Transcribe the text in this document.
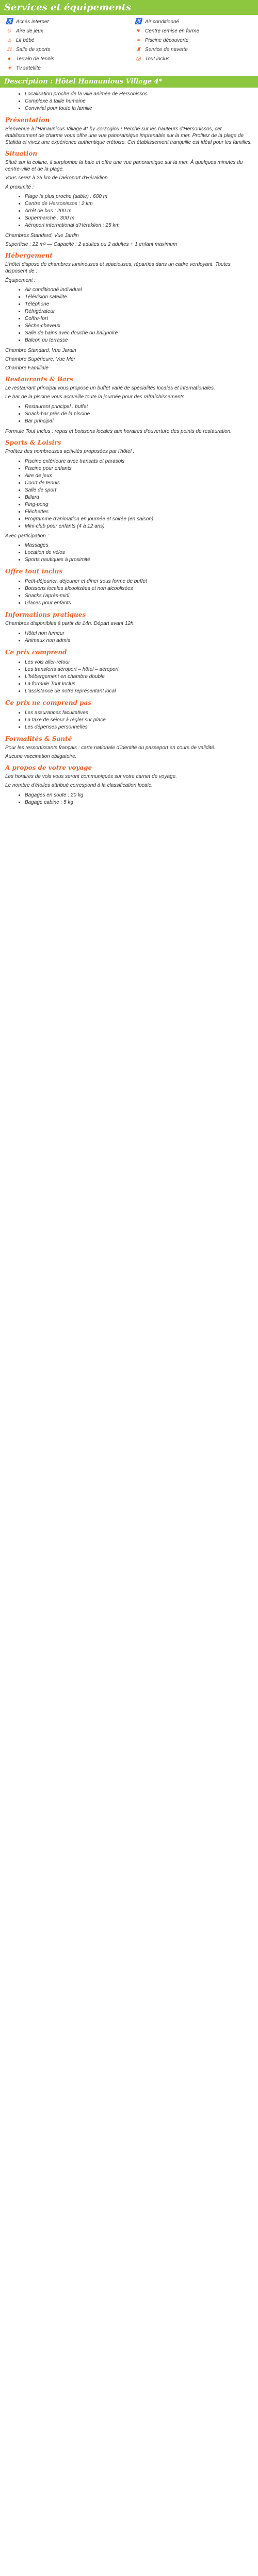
Services et équipements
♿ Accès internet	♿ Air conditionné
☺ Aire de jeux	♥ Centre remise en forme
♨ Lit bébé	≈ Piscine découverte
☷ Salle de sports	♜ Service de navette
● Terrain de tennis	◎ Tout inclus
☀ Tv satellite
Description : Hôtel Hanaunious Village 4*
• Localisation proche de la ville animée de Hersonissos
• Complexe à taille humaine
• Convivial pour toute la famille
Présentation

Bienvenue à l'Hanaunious Village 4* by Zorzogiou ! Perché sur les hauteurs d'Hersonissos, cet établissement de charme vous offre une vue panoramique imprenable sur la mer. Profitez de la plage de Stalida et vivez une expérience authentique crétoise. Cet établissement tranquille est idéal pour les familles.

Situation

Situé sur la colline, il surplombe la baie et offre une vue panoramique sur la mer. À quelques minutes du centre-ville et de la plage.

Vous serez à 25 km de l'aéroport d'Héraklion.

À proximité :
• Plage la plus proche (sable) : 600 m
• Centre de Hersonissos : 2 km
• Arrêt de bus : 200 m
• Supermarché : 300 m
• Aéroport international d'Héraklion : 25 km

Chambres Standard, Vue Jardin

Superficie : 22 m² — Capacité : 2 adultes ou 2 adultes + 1 enfant maximum

Hébergement

L'hôtel dispose de chambres lumineuses et spacieuses, réparties dans un cadre verdoyant. Toutes disposent de :

Équipement :
• Air conditionné individuel
• Télévision satellite
• Téléphone
• Réfrigérateur
• Coffre-fort
• Sèche-cheveux
• Salle de bains avec douche ou baignoire
• Balcon ou terrasse

Chambre Standard, Vue Jardin

Chambre Supérieure, Vue Mer

Chambre Familiale

Restaurants & Bars

Le restaurant principal vous propose un buffet varié de spécialités locales et internationales.

Le bar de la piscine vous accueille toute la journée pour des rafraîchissements.

• Restaurant principal : buffet
• Snack-bar près de la piscine
• Bar principal

Formule Tout Inclus : repas et boissons locales aux horaires d'ouverture des points de restauration.

Sports & Loisirs

Profitez des nombreuses activités proposées par l'hôtel :

• Piscine extérieure avec transats et parasols
• Piscine pour enfants
• Aire de jeux
• Court de tennis
• Salle de sport
• Billard
• Ping-pong
• Fléchettes
• Programme d'animation en journée et soirée (en saison)
• Mini-club pour enfants (4 à 12 ans)
Avec participation :
• Massages
• Location de vélos
• Sports nautiques à proximité
Offre tout inclus
• Petit-déjeuner, déjeuner et dîner sous forme de buffet
• Boissons locales alcoolisées et non alcoolisées
• Snacks l'après-midi
• Glaces pour enfants
Informations pratiques

Chambres disponibles à partir de 14h. Départ avant 12h.

• Hôtel non fumeur
• Animaux non admis
Ce prix comprend
• Les vols aller-retour
• Les transferts aéroport – hôtel – aéroport
• L'hébergement en chambre double
• La formule Tout Inclus
• L'assistance de notre représentant local
Ce prix ne comprend pas
• Les assurances facultatives
• La taxe de séjour à régler sur place
• Les dépenses personnelles
Formalités & Santé

Pour les ressortissants français : carte nationale d'identité ou passeport en cours de validité.

Aucune vaccination obligatoire.

A propos de votre voyage

Les horaires de vols vous seront communiqués sur votre carnet de voyage.

Le nombre d'étoiles attribué correspond à la classification locale.

• Bagages en soute : 20 kg
• Bagage cabine : 5 kg
